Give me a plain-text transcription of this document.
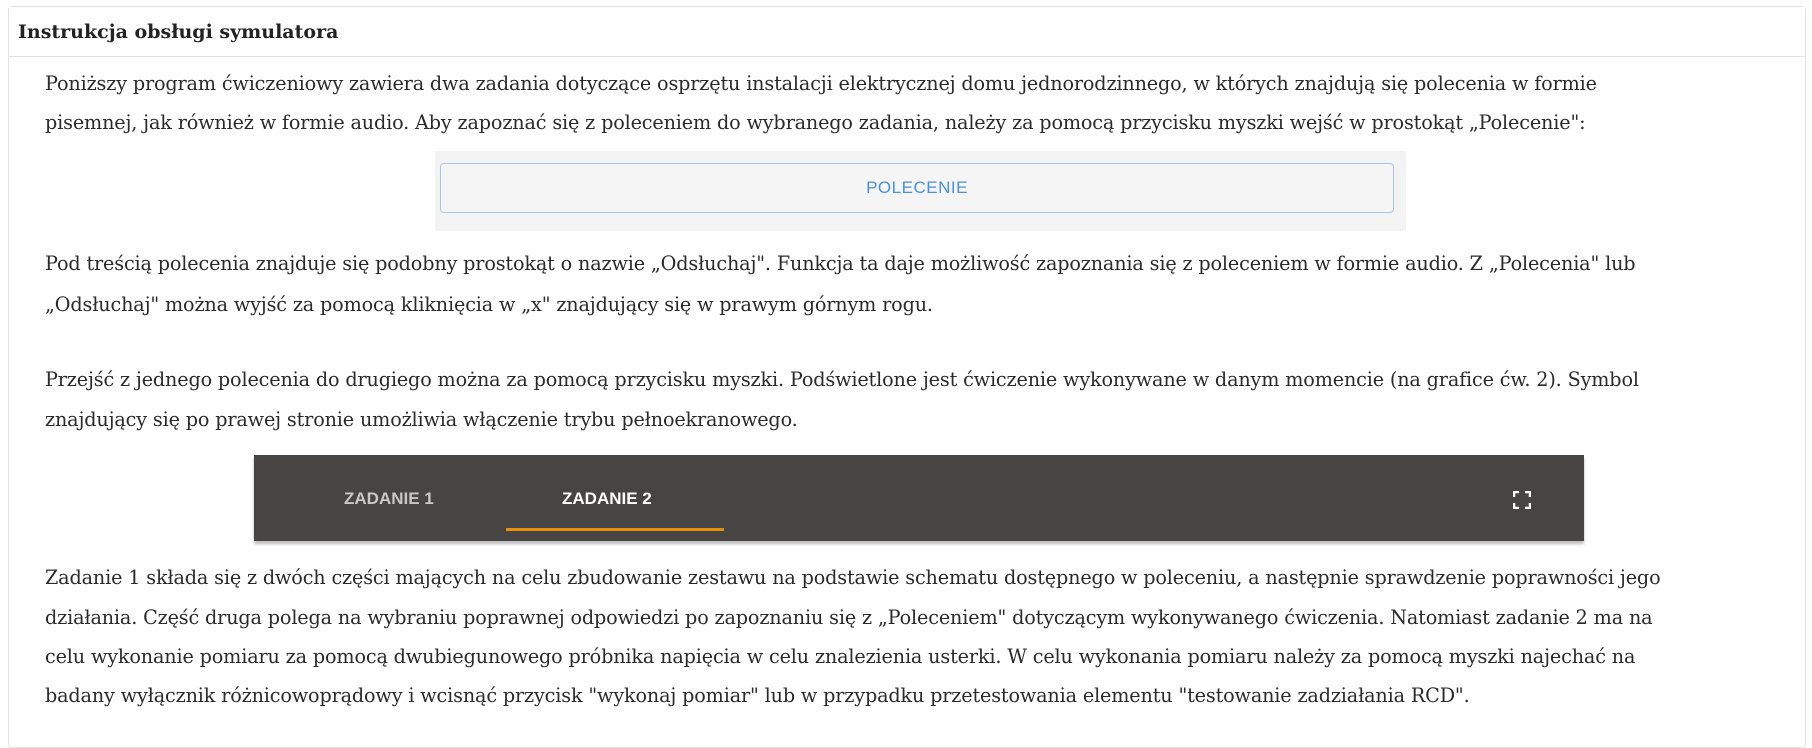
Instrukcja obsługi symulatora
Poniższy program ćwiczeniowy zawiera dwa zadania dotyczące osprzętu instalacji elektrycznej domu jednorodzinnego, w których znajdują się polecenia w formie
pisemnej, jak również w formie audio. Aby zapoznać się z poleceniem do wybranego zadania, należy za pomocą przycisku myszki wejść w prostokąt „Polecenie":
POLECENIE
Pod treścią polecenia znajduje się podobny prostokąt o nazwie „Odsłuchaj". Funkcja ta daje możliwość zapoznania się z poleceniem w formie audio. Z „Polecenia" lub
„Odsłuchaj" można wyjść za pomocą kliknięcia w „x" znajdujący się w prawym górnym rogu.
Przejść z jednego polecenia do drugiego można za pomocą przycisku myszki. Podświetlone jest ćwiczenie wykonywane w danym momencie (na grafice ćw. 2). Symbol
znajdujący się po prawej stronie umożliwia włączenie trybu pełnoekranowego.
ZADANIE 1	ZADANIE 2
Zadanie 1 składa się z dwóch części mających na celu zbudowanie zestawu na podstawie schematu dostępnego w poleceniu, a następnie sprawdzenie poprawności jego
działania. Część druga polega na wybraniu poprawnej odpowiedzi po zapoznaniu się z „Poleceniem" dotyczącym wykonywanego ćwiczenia. Natomiast zadanie 2 ma na
celu wykonanie pomiaru za pomocą dwubiegunowego próbnika napięcia w celu znalezienia usterki. W celu wykonania pomiaru należy za pomocą myszki najechać na
badany wyłącznik różnicowoprądowy i wcisnąć przycisk "wykonaj pomiar" lub w przypadku przetestowania elementu "testowanie zadziałania RCD".
